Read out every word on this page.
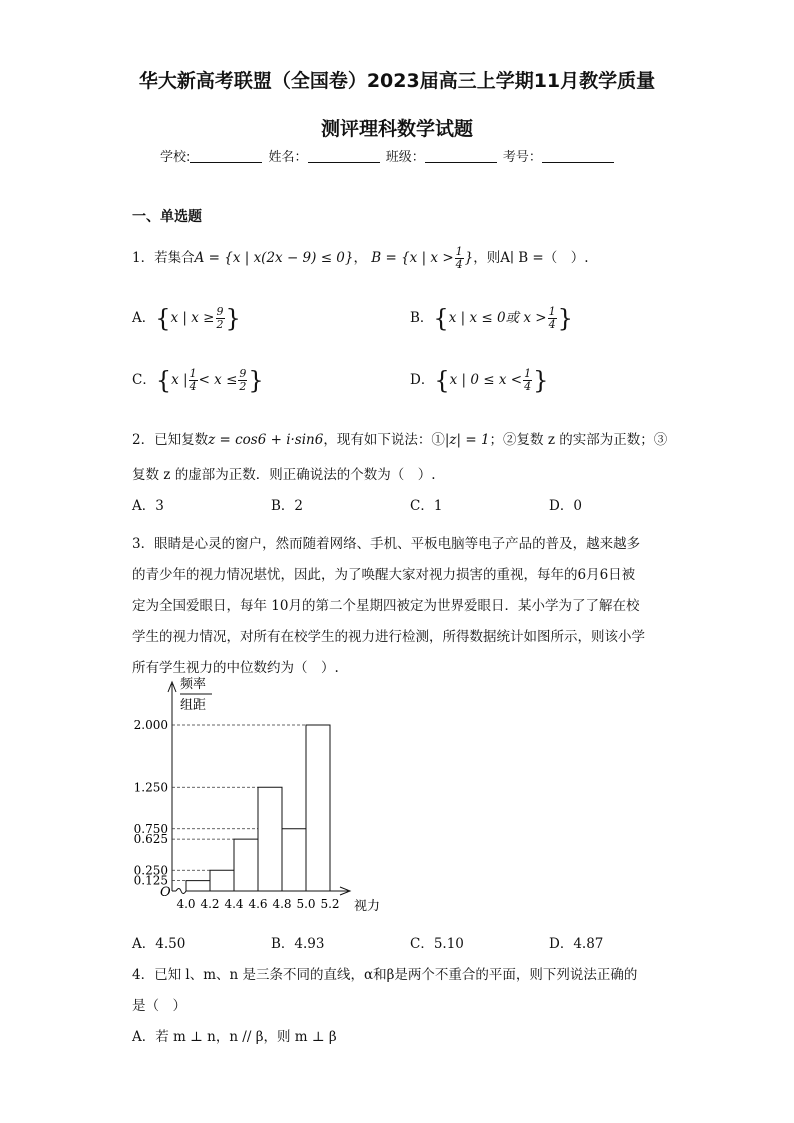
华大新高考联盟（全国卷）2023届高三上学期11月教学质量
测评理科数学试题
学校:	姓名：	班级：	考号：
一、单选题
1．若集合A = {x | x(2x − 9) ≤ 0}， B = {x | $x > \frac{1}{4}$ }，则A∣ B =（　）.
A．{x | $x \ge \frac{9}{2}$ }	B．{x | x ≤ 0或 $x > \frac{1}{4}$ }
C．{x | $\frac{1}{4} < x \le \frac{9}{2}$ }	D．{x | $0 \le x < \frac{1}{4}$ }
2．已知复数z = cos6 + i·sin6，现有如下说法：①|z| = 1；②复数 z 的实部为正数；③
复数 z 的虚部为正数．则正确说法的个数为（　）.
A．3	B．2	C．1	D．0
3．眼睛是心灵的窗户，然而随着网络、手机、平板电脑等电子产品的普及，越来越多
的青少年的视力情况堪忧，因此，为了唤醒大家对视力损害的重视，每年的6月6日被
定为全国爱眼日，每年 10月的第二个星期四被定为世界爱眼日．某小学为了了解在校
学生的视力情况，对所有在校学生的视力进行检测，所得数据统计如图所示，则该小学
所有学生视力的中位数约为（　）.
频率
组距
O
0.125
0.250
0.625
0.750
1.250
2.000
4.0 4.2 4.4 4.6 4.8 5.0 5.2 视力
A．4.50	B．4.93	C．5.10	D．4.87
4．已知 l、m、n 是三条不同的直线，α和β是两个不重合的平面，则下列说法正确的
是（　）
A．若 m ⊥ n，n // β，则 m ⊥ β
